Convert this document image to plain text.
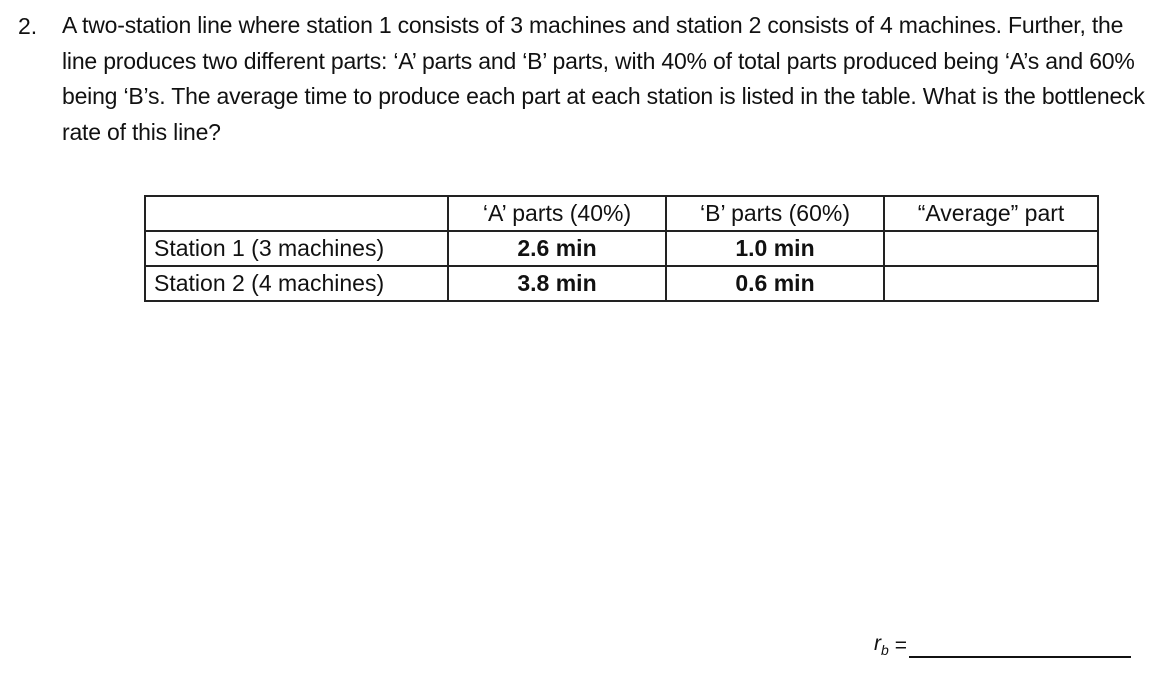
2. A two-station line where station 1 consists of 3 machines and station 2 consists of 4 machines. Further, the line produces two different parts: ‘A’ parts and ‘B’ parts, with 40% of total parts produced being ‘A’s and 60% being ‘B’s. The average time to produce each part at each station is listed in the table. What is the bottleneck rate of this line?
	‘A’ parts (40%)	‘B’ parts (60%)	“Average” part
Station 1 (3 machines)	2.6 min	1.0 min	
Station 2 (4 machines)	3.8 min	0.6 min	
$r_b$ =
